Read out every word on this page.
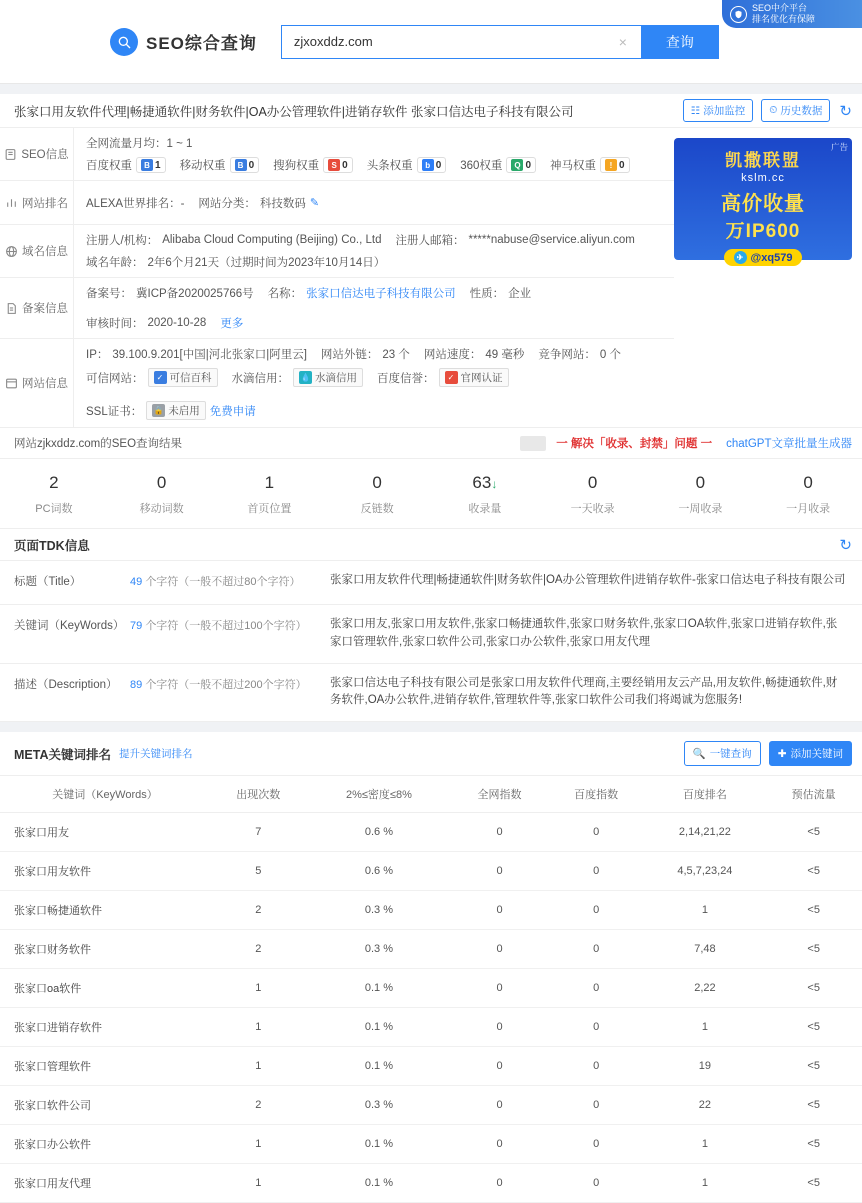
SEO中介平台
排名优化有保障
SEO综合查询
zjxoxddz.com	×	查询
张家口用友软件代理|畅捷通软件|财务软件|OA办公管理软件|进销存软件 张家口信达电子科技有限公司	☷ 添加监控 ⏲ 历史数据 ↻
SEO信息
全网流量月均：1 ~ 1
百度权重	B 1 移动权重	B 0 搜狗权重	S 0 头条权重	b 0 360权重	Q 0 神马权重	! 0
网站排名 ALEXA世界排名：- 网站分类： 科技数码 ✎
域名信息
注册人/机构： Alibaba Cloud Computing (Beijing) Co., Ltd 注册人邮箱： *****nabuse@service.aliyun.com
域名年龄： 2年6个月21天（过期时间为2023年10月14日）
备案信息
备案号： 冀ICP备2020025766号 名称： 张家口信达电子科技有限公司 性质： 企业
审核时间： 2020-10-28 更多
网站信息
IP： 39.100.9.201[中国|河北张家口|阿里云] 网站外链： 23 个 网站速度： 49 毫秒 竞争网站： 0 个
可信网站：	✓ 可信百科 水滴信用： 💧 水滴信用 百度信誉：	✓ 官网认证
SSL证书： 🔒 未启用 免费申请
广告
凯撒联盟
kslm.cc
高价收量
万IP600
✈ @xq579
网站zjkxddz.com的SEO查询结果	一 解决「收录、封禁」问题 一 chatGPT文章批量生成器
2
PC词数
0
移动词数
1
首页位置
0
反链数
63↓
收录量
0
一天收录
0
一周收录
0
一月收录
页面TDK信息	↻
标题（Title）	49 个字符（一般不超过80个字符）	张家口用友软件代理|畅捷通软件|财务软件|OA办公管理软件|进销存软件-张家口信达电子科技有限公司
关键词（KeyWords） 79 个字符（一般不超过100个字符）	张家口用友,张家口用友软件,张家口畅捷通软件,张家口财务软件,张家口OA软件,张家口进销存软件,张家口管理软件,张家口软件公司,张家口办公软件,张家口用友代理
描述（Description）	89 个字符（一般不超过200个字符）	张家口信达电子科技有限公司是张家口用友软件代理商,主要经销用友云产品,用友软件,畅捷通软件,财务软件,OA办公软件,进销存软件,管理软件等,张家口软件公司我们将竭诚为您服务!
META关键词排名 提升关键词排名	🔍 一键查询 ✚ 添加关键词
关键词（KeyWords）	出现次数	2%≤密度≤8%	全网指数	百度指数	百度排名	预估流量
张家口用友	7	0.6 %	0	0	2,14,21,22	<5
张家口用友软件	5	0.6 %	0	0	4,5,7,23,24	<5
张家口畅捷通软件	2	0.3 %	0	0	1	<5
张家口财务软件	2	0.3 %	0	0	7,48	<5
张家口oa软件	1	0.1 %	0	0	2,22	<5
张家口进销存软件	1	0.1 %	0	0	1	<5
张家口管理软件	1	0.1 %	0	0	19	<5
张家口软件公司	2	0.3 %	0	0	22	<5
张家口办公软件	1	0.1 %	0	0	1	<5
张家口用友代理	1	0.1 %	0	0	1	<5
